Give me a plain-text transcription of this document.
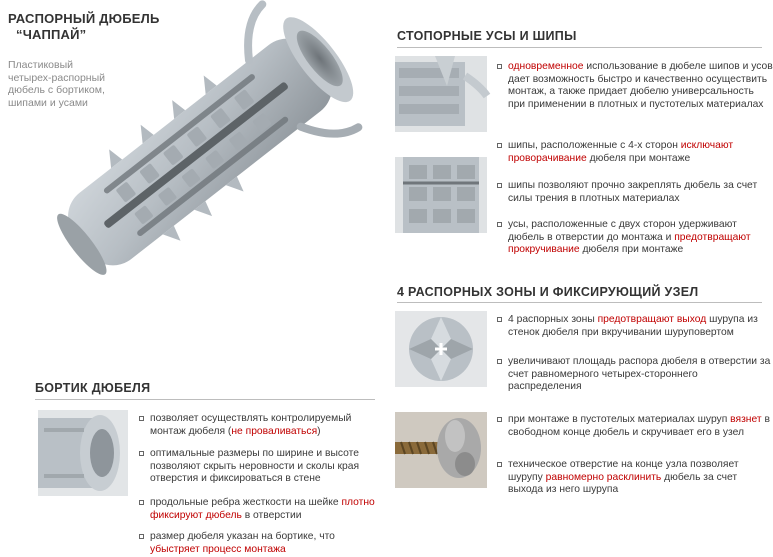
РАСПОРНЫЙ ДЮБЕЛЬ
“ЧАППАЙ”
Пластиковый четырех-распорный дюбель с бортиком, шипами и усами
СТОПОРНЫЕ УСЫ И ШИПЫ
одновременное использование в дюбеле шипов и усов дает возможность быстро и качественно осуществить монтаж, а также придает дюбелю универсальность при применении в плотных и пустотелых материалах
шипы, расположенные с 4-х сторон исключают проворачивание дюбеля при монтаже
шипы позволяют прочно закреплять дюбель за счет силы трения в плотных материалах
усы, расположенные с двух сторон удерживают дюбель в отверстии до монтажа и предотвращают прокручивание дюбеля при монтаже
4 РАСПОРНЫХ ЗОНЫ И ФИКСИРУЮЩИЙ УЗЕЛ
4 распорных зоны предотвращают выход шурупа из стенок дюбеля при вкручивании шуруповертом
увеличивают площадь распора дюбеля в отверстии за счет равномерного четырех-стороннего распределения
при монтаже в пустотелых материалах шуруп вязнет в свободном конце дюбель и скручивает его в узел
техническое отверстие на конце узла позволяет шурупу равномерно расклинить дюбель за счет выхода из него шурупа
БОРТИК ДЮБЕЛЯ
позволяет осуществлять контролируемый монтаж дюбеля (не проваливаться)
оптимальные размеры по ширине и высоте позволяют скрыть неровности и сколы края отверстия и фиксироваться в стене
продольные ребра жесткости на шейке плотно фиксируют дюбель в отверстии
размер дюбеля указан на бортике, что убыстряет процесс монтажа
